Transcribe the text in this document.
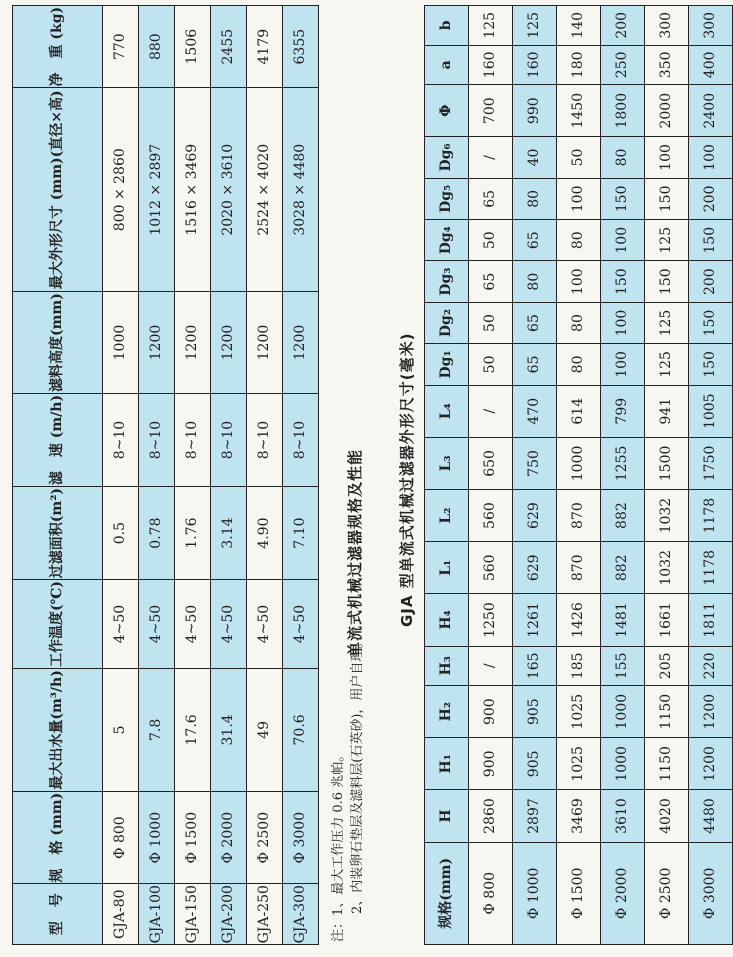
型　号	规　格 (mm)	最大出水量(m³/h)	工作温度(℃)	过滤面积(m²)	滤　速 (m/h)	滤料高度(mm)	最大外形尺寸 (mm)(直径×高)	净　重 (kg)
GJA-80	Φ 800	5	4~50	0.5	8~10	1000	800 × 2860	770
GJA-100	Φ 1000	7.8	4~50	0.78	8~10	1200	1012 × 2897	880
GJA-150	Φ 1500	17.6	4~50	1.76	8~10	1200	1516 × 3469	1506
GJA-200	Φ 2000	31.4	4~50	3.14	8~10	1200	2020 × 3610	2455
GJA-250	Φ 2500	49	4~50	4.90	8~10	1200	2524 × 4020	4179
GJA-300	Φ 3000	70.6	4~50	7.10	8~10	1200	3028 × 4480	6355
单流式机械过滤器规格及性能
注：1、最大工作压力 0.6 兆帕。 2、内装卵石垫层及滤料层(石英砂)，用户自理。
GJA 型单流式机械过滤器外形尺寸(毫米)
规格(mm)	H	H₁	H₂	H₃	H₄	L₁	L₂	L₃	L₄	Dg₁	Dg₂	Dg₃	Dg₄	Dg₅	Dg₆	Φ	a	b
Φ 800	2860	900	900	/	1250	560	560	650	/	50	50	65	50	65	/	700	160	125
Φ 1000	2897	905	905	165	1261	629	629	750	470	65	65	80	65	80	40	990	160	125
Φ 1500	3469	1025	1025	185	1426	870	870	1000	614	80	80	100	80	100	50	1450	180	140
Φ 2000	3610	1000	1000	155	1481	882	882	1255	799	100	100	150	100	150	80	1800	250	200
Φ 2500	4020	1150	1150	205	1661	1032	1032	1500	941	125	125	150	125	150	100	2000	350	300
Φ 3000	4480	1200	1200	220	1811	1178	1178	1750	1005	150	150	200	150	200	100	2400	400	300
